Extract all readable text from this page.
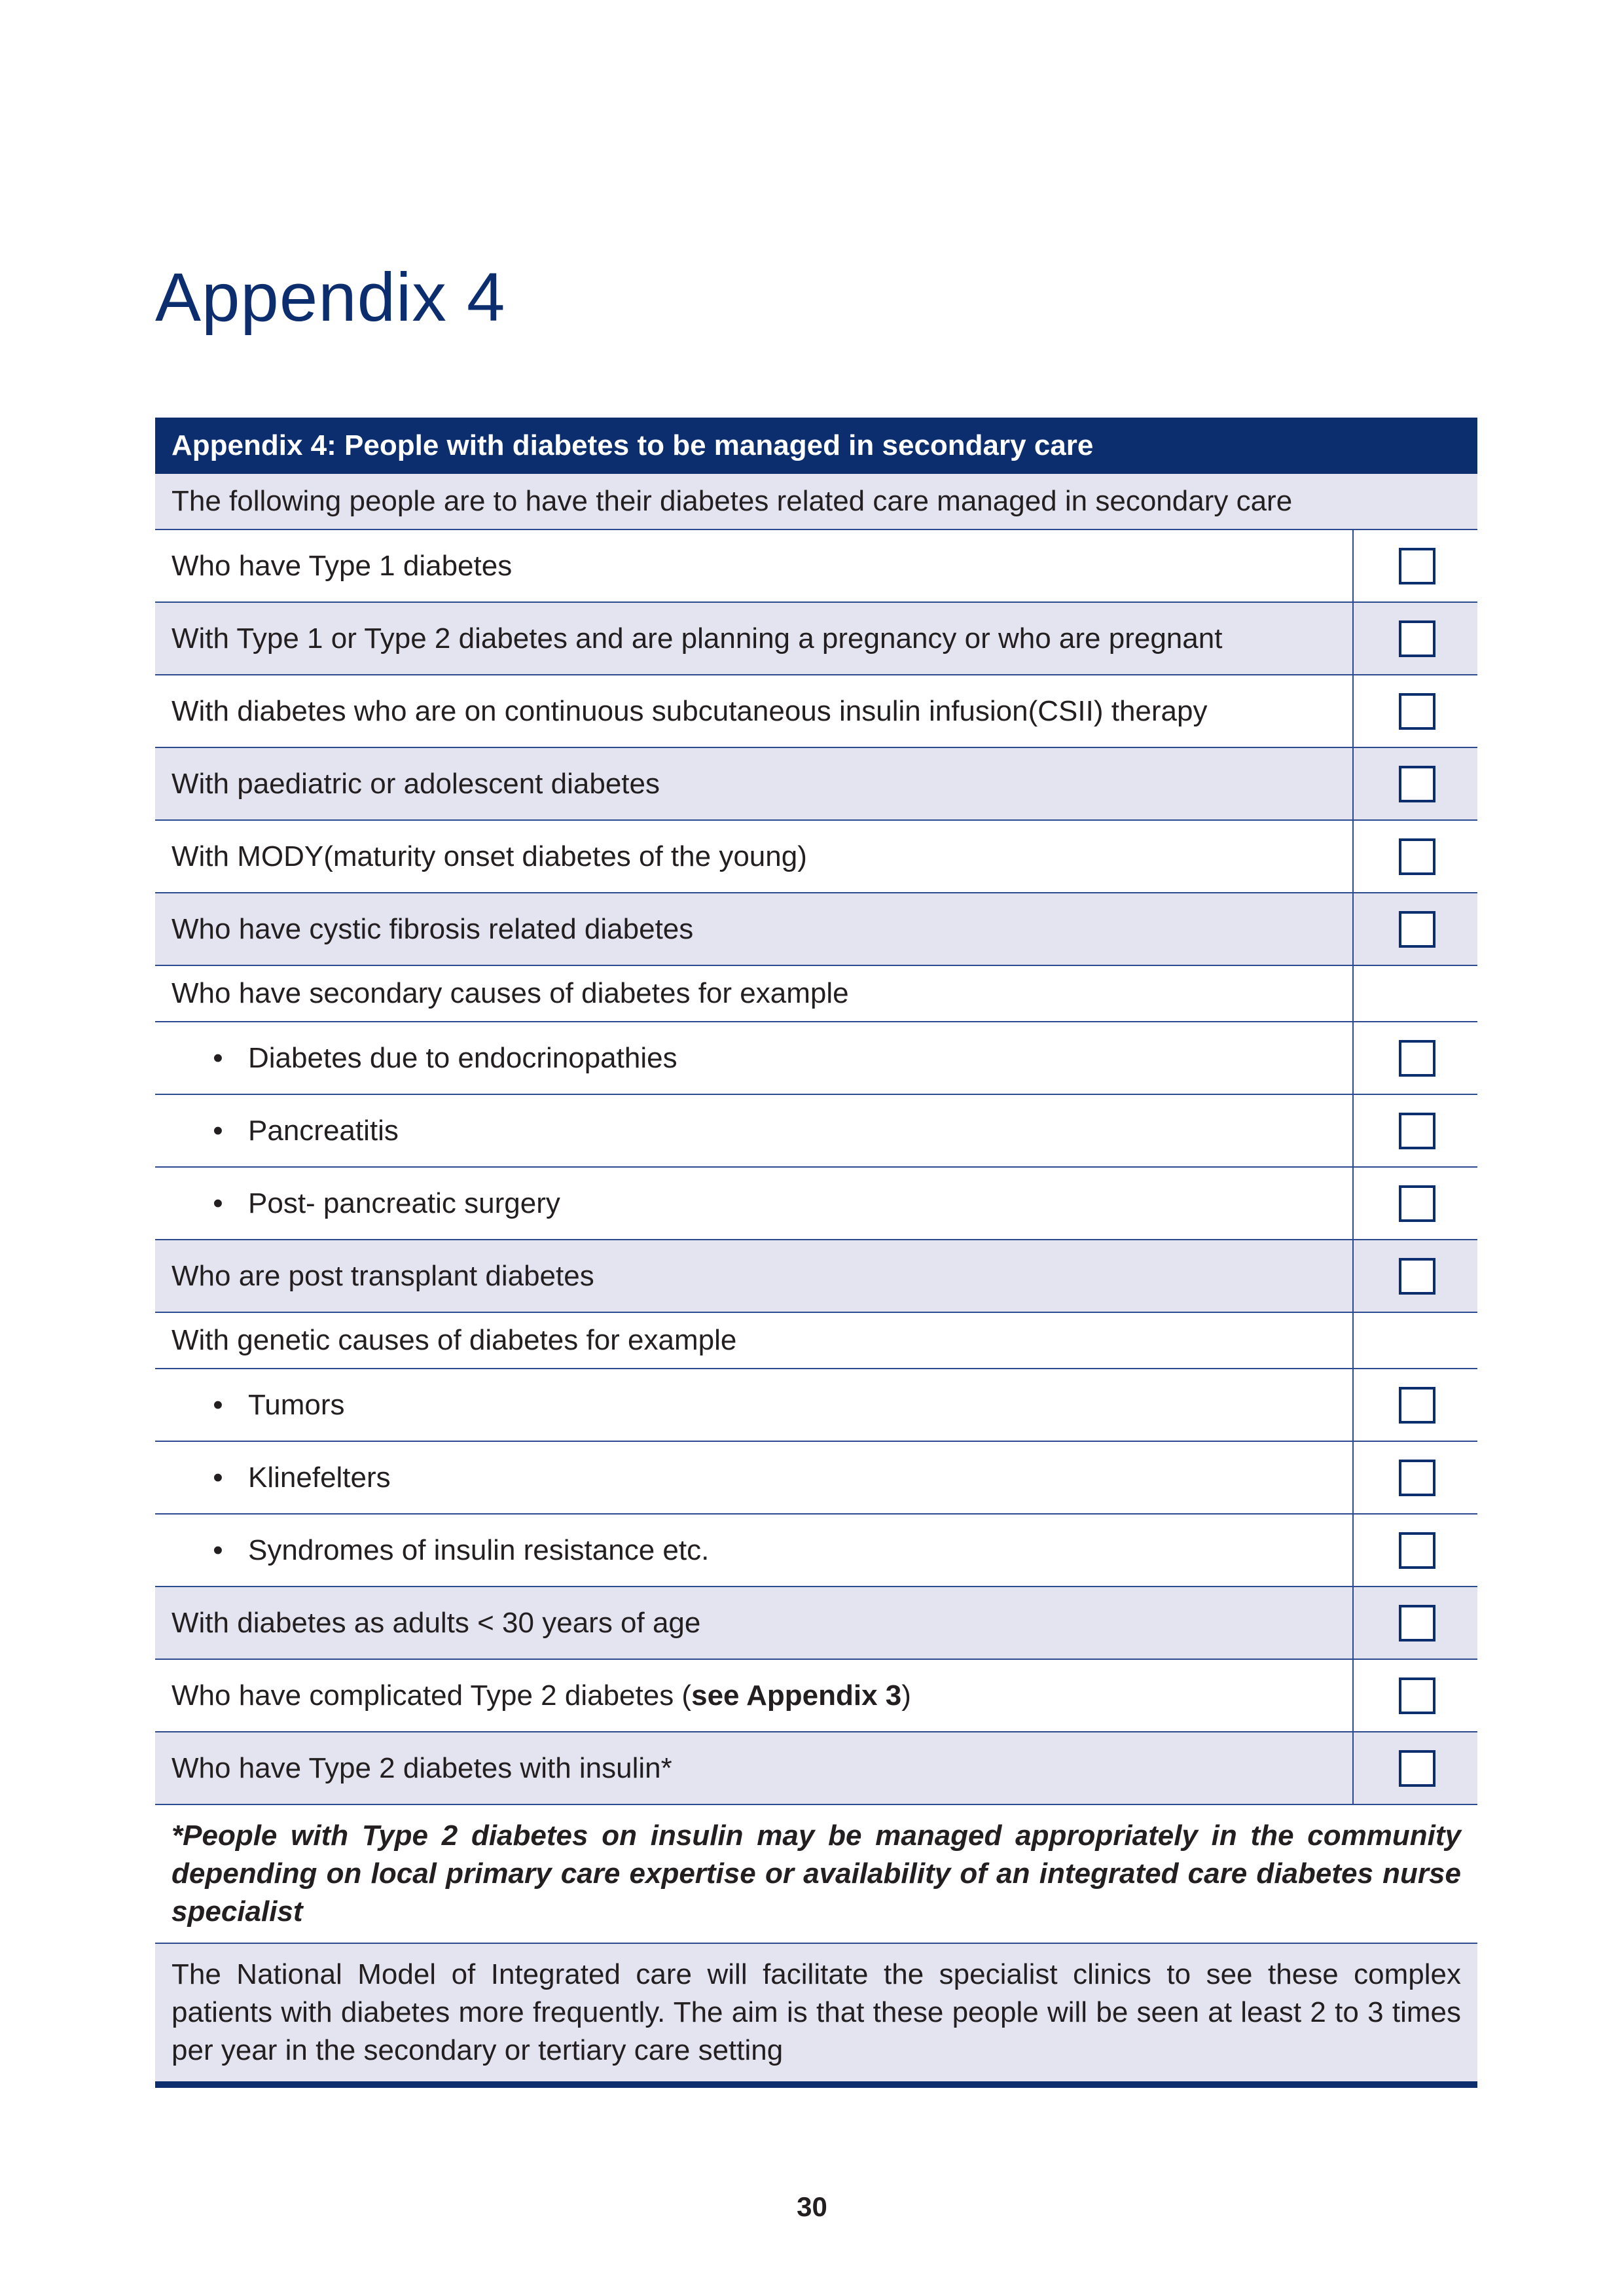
Appendix 4
Appendix 4: People with diabetes to be managed in secondary care
The following people are to have their diabetes related care managed in secondary care
Who have Type 1 diabetes
With Type 1 or Type 2 diabetes and are planning a pregnancy or who are pregnant
With diabetes who are on continuous subcutaneous insulin infusion(CSII) therapy
With paediatric or adolescent diabetes
With MODY(maturity onset diabetes of the young)
Who have cystic fibrosis related diabetes
Who have secondary causes of diabetes for example
• Diabetes due to endocrinopathies
• Pancreatitis
• Post- pancreatic surgery
Who are post transplant diabetes
With genetic causes of diabetes for example
• Tumors
• Klinefelters
• Syndromes of insulin resistance etc.
With diabetes as adults < 30 years of age
Who have complicated Type 2 diabetes ( see Appendix 3 )
Who have Type 2 diabetes with insulin*
*People with Type 2 diabetes on insulin may be managed appropriately in the community depending on local primary care expertise or availability of an integrated care diabetes nurse specialist
The National Model of Integrated care will facilitate the specialist clinics to see these complex patients with diabetes more frequently. The aim is that these people will be seen at least 2 to 3 times per year in the secondary or tertiary care setting
30
